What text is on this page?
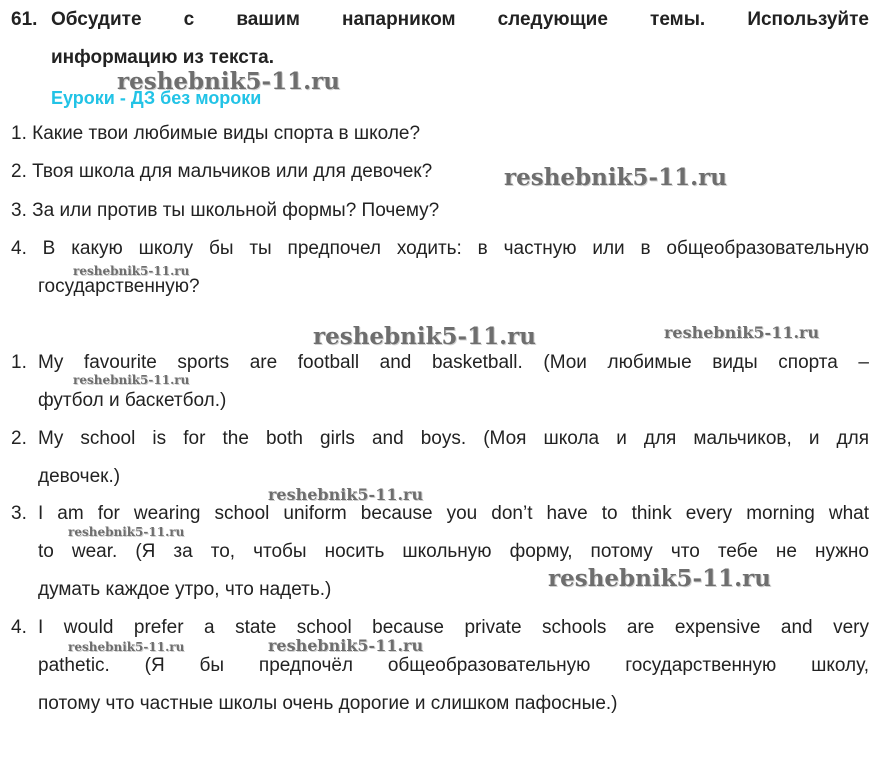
61. Обсудите с вашим напарником следующие темы. Используйте
информацию из текста.
Еуроки - ДЗ без мороки
1. Какие твои любимые виды спорта в школе?
2. Твоя школа для мальчиков или для девочек?
3. За или против ты школьной формы? Почему?
4. В какую школу бы ты предпочел ходить: в частную или в общеобразовательную
государственную?
1. My favourite sports are football and basketball. (Мои любимые виды спорта –
футбол и баскетбол.)
2. My school is for the both girls and boys. (Моя школа и для мальчиков, и для
девочек.)
3. I am for wearing school uniform because you don’t have to think every morning what
to wear. (Я за то, чтобы носить школьную форму, потому что тебе не нужно
думать каждое утро, что надеть.)
4. I would prefer a state school because private schools are expensive and very
pathetic. (Я бы предпочёл общеобразовательную государственную школу,
потому что частные школы очень дорогие и слишком пафосные.)
reshebnik5-11.ru
reshebnik5-11.ru
reshebnik5-11.ru
reshebnik5-11.ru	reshebnik5-11.ru
reshebnik5-11.ru
reshebnik5-11.ru
reshebnik5-11.ru
reshebnik5-11.ru
reshebnik5-11.ru	reshebnik5-11.ru
